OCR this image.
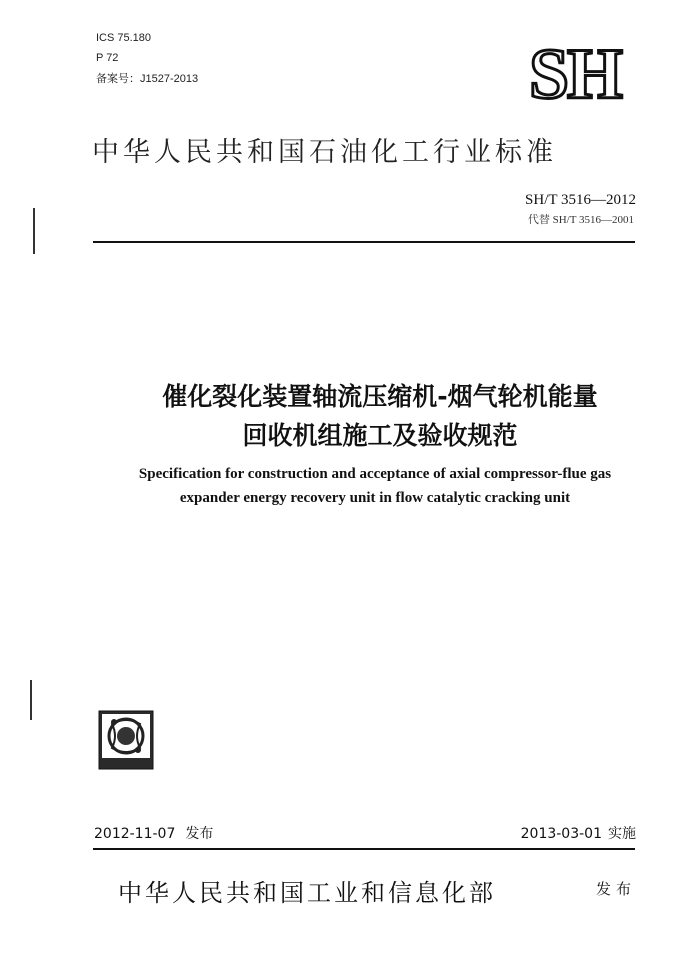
ICS 75.180
P 72
备案号：J1527-2013	SH
中华人民共和国石油化工行业标准
SH/T 3516—2012
代替 SH/T 3516—2001
催化裂化装置轴流压缩机-烟气轮机能量
回收机组施工及验收规范
Specification for construction and acceptance of axial compressor-flue gas
expander energy recovery unit in flow catalytic cracking unit
2012-11-07 发布	2013-03-01 实施
中华人民共和国工业和信息化部	发布
